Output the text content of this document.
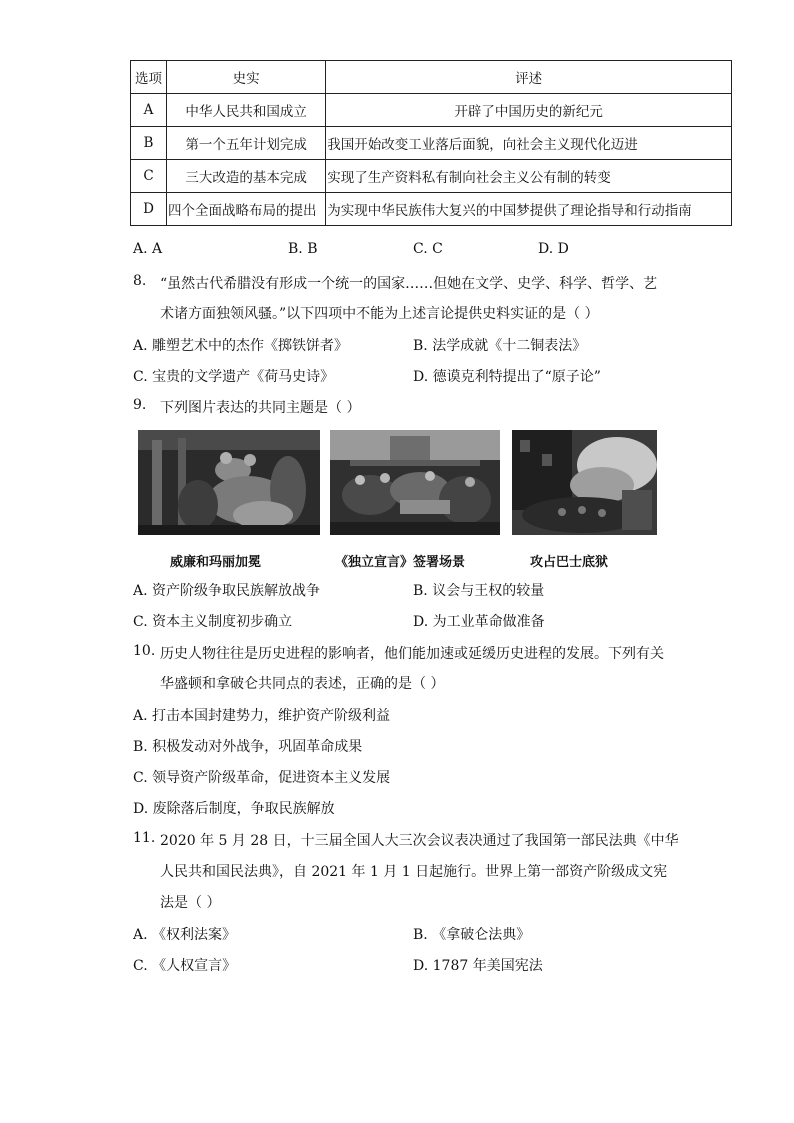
选项	史实	评述
A	中华人民共和国成立	开辟了中国历史的新纪元
B	第一个五年计划完成	我国开始改变工业落后面貌，向社会主义现代化迈进
C	三大改造的基本完成	实现了生产资料私有制向社会主义公有制的转变
D	四个全面战略布局的提出	为实现中华民族伟大复兴的中国梦提供了理论指导和行动指南
A. A	B. B	C. C	D. D
8. “虽然古代希腊没有形成一个统一的国家……但她在文学、史学、科学、哲学、艺
术诸方面独领风骚。”以下四项中不能为上述言论提供史料实证的是（ ）
A. 雕塑艺术中的杰作《掷铁饼者》	B. 法学成就《十二铜表法》
C. 宝贵的文学遗产《荷马史诗》	D. 德谟克利特提出了“原子论”
9. 下列图片表达的共同主题是（ ）
威廉和玛丽加冕	《独立宣言》签署场景	攻占巴士底狱
A. 资产阶级争取民族解放战争	B. 议会与王权的较量
C. 资本主义制度初步确立	D. 为工业革命做准备
10. 历史人物往往是历史进程的影响者，他们能加速或延缓历史进程的发展。下列有关
华盛顿和拿破仑共同点的表述，正确的是（ ）
A. 打击本国封建势力，维护资产阶级利益
B. 积极发动对外战争，巩固革命成果
C. 领导资产阶级革命，促进资本主义发展
D. 废除落后制度，争取民族解放
11. 2020 年 5 月 28 日，十三届全国人大三次会议表决通过了我国第一部民法典《中华
人民共和国民法典》，自 2021 年 1 月 1 日起施行。世界上第一部资产阶级成文宪
法是（ ）
A. 《权利法案》	B. 《拿破仑法典》
C. 《人权宣言》	D. 1787 年美国宪法
